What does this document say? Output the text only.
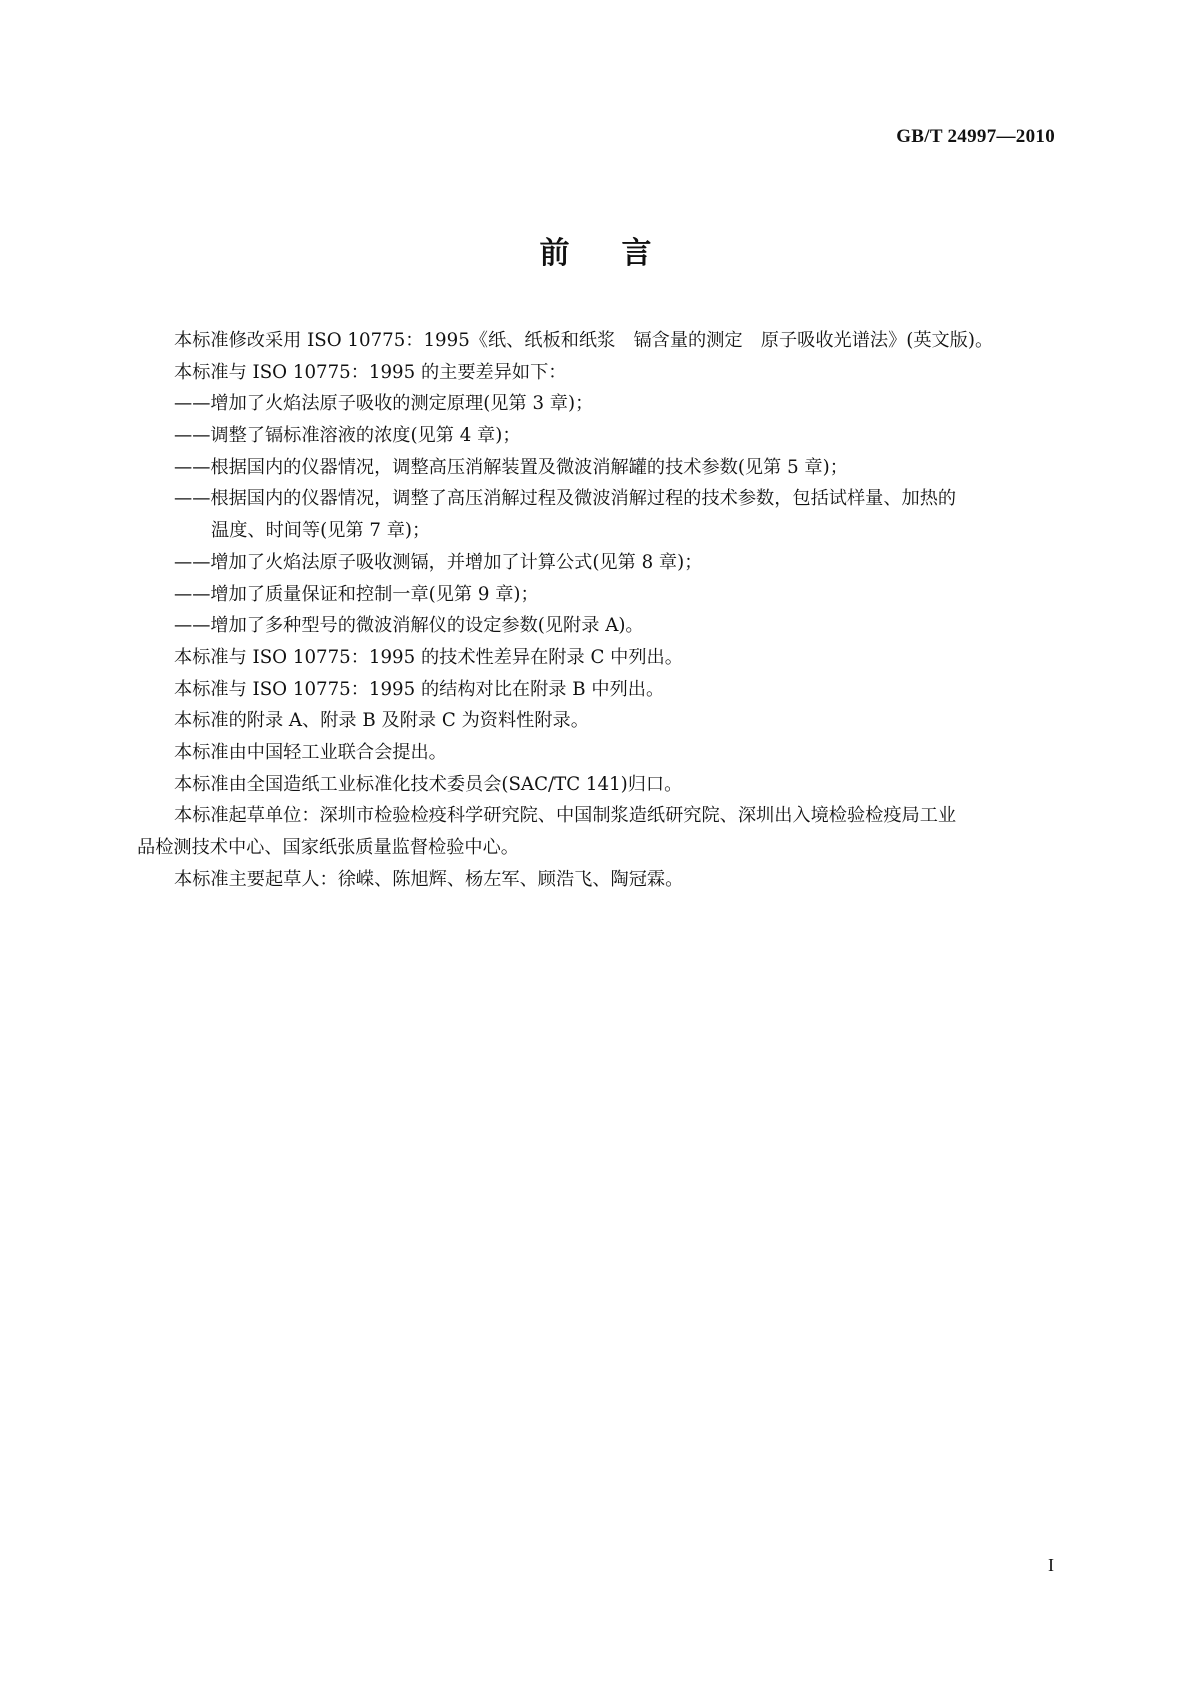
GB/T 24997—2010
前言
本标准修改采用 ISO 10775：1995《纸、纸板和纸浆　镉含量的测定　原子吸收光谱法》(英文版)。
本标准与 ISO 10775：1995 的主要差异如下：
——增加了火焰法原子吸收的测定原理(见第 3 章)；
——调整了镉标准溶液的浓度(见第 4 章)；
——根据国内的仪器情况，调整高压消解装置及微波消解罐的技术参数(见第 5 章)；
——根据国内的仪器情况，调整了高压消解过程及微波消解过程的技术参数，包括试样量、加热的
温度、时间等(见第 7 章)；
——增加了火焰法原子吸收测镉，并增加了计算公式(见第 8 章)；
——增加了质量保证和控制一章(见第 9 章)；
——增加了多种型号的微波消解仪的设定参数(见附录 A)。
本标准与 ISO 10775：1995 的技术性差异在附录 C 中列出。
本标准与 ISO 10775：1995 的结构对比在附录 B 中列出。
本标准的附录 A、附录 B 及附录 C 为资料性附录。
本标准由中国轻工业联合会提出。
本标准由全国造纸工业标准化技术委员会(SAC/TC 141)归口。
本标准起草单位：深圳市检验检疫科学研究院、中国制浆造纸研究院、深圳出入境检验检疫局工业
品检测技术中心、国家纸张质量监督检验中心。
本标准主要起草人：徐嵘、陈旭辉、杨左军、顾浩飞、陶冠霖。
I
